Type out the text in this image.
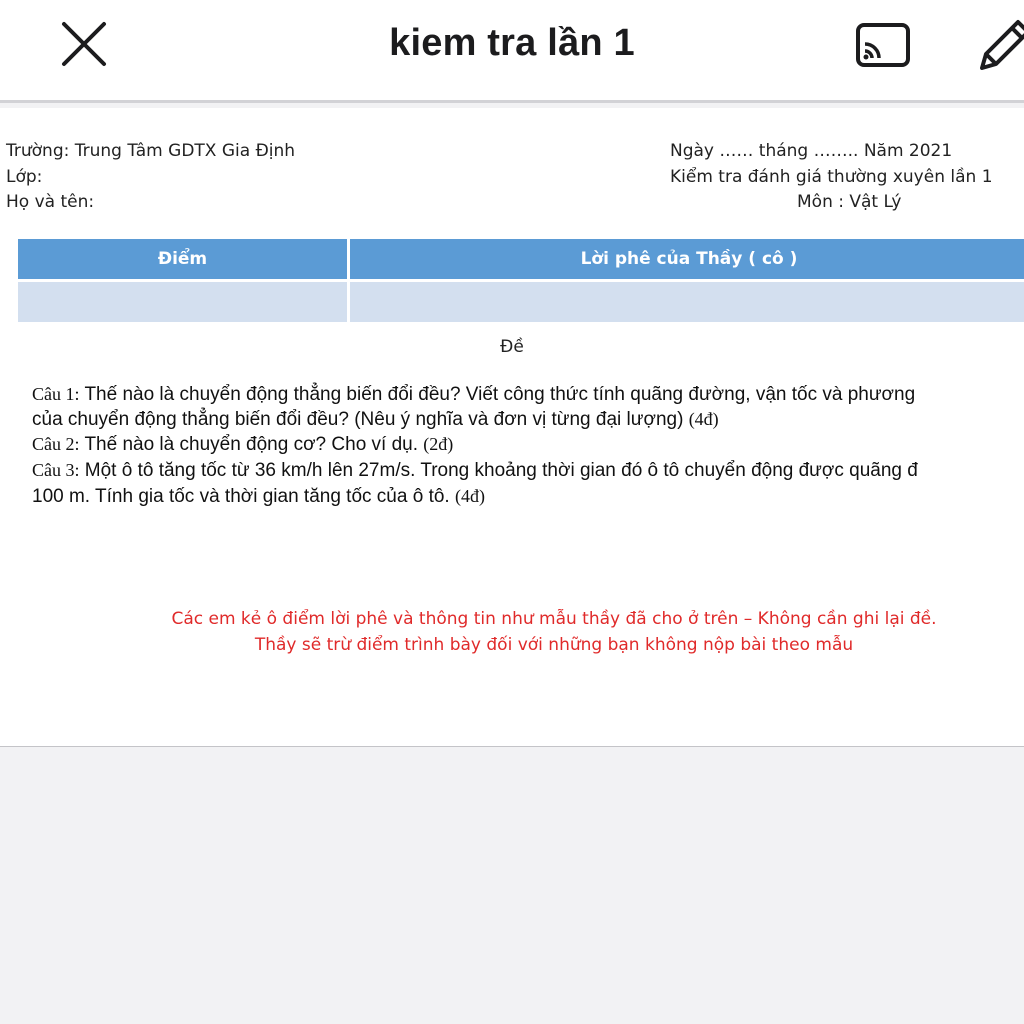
kiem tra lần 1
Trường: Trung Tâm GDTX Gia Định
Lớp:
Họ và tên:
Ngày …… tháng …….. Năm 2021
Kiểm tra đánh giá thường xuyên lần 1
Môn : Vật Lý
Điểm	Lời phê của Thầy ( cô )
Đề
Câu 1: Thế nào là chuyển động thẳng biến đổi đều? Viết công thức tính quãng đường, vận tốc và phương
của chuyển động thẳng biến đổi đều? (Nêu ý nghĩa và đơn vị từng đại lượng) (4đ)
Câu 2: Thế nào là chuyển động cơ? Cho ví dụ. (2đ)
Câu 3: Một ô tô tăng tốc từ 36 km/h lên 27m/s. Trong khoảng thời gian đó ô tô chuyển động được quãng đ
100 m. Tính gia tốc và thời gian tăng tốc của ô tô. (4đ)
Các em kẻ ô điểm lời phê và thông tin như mẫu thầy đã cho ở trên – Không cần ghi lại đề.
Thầy sẽ trừ điểm trình bày đối với những bạn không nộp bài theo mẫu
